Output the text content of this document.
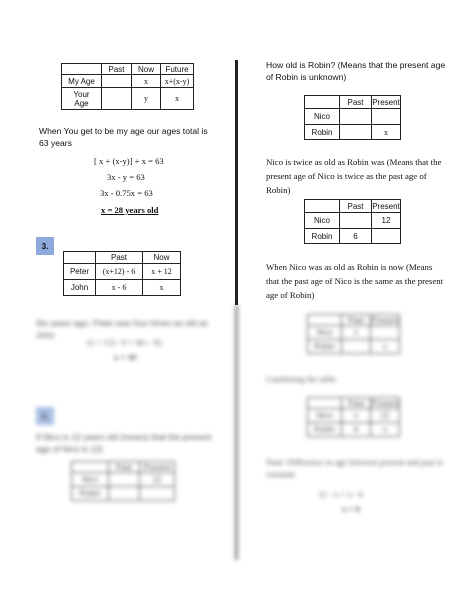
	Past	Now	Future
My Age		x	x+(x-y)
Your Age		y	x
When You get to be my age our ages total is 63 years
[ x + (x-y)] + x = 63
3x - y = 63
3x - 0.75x = 63
x = 28 years old
3.
	Past	Now
Peter	(x+12) - 6	x + 12
John	x - 6	x
Six years ago, Peter was four times as old as John
(x + 12) - 6 = 4(x - 6)
x = 10
4.
If Nico is 12 years old (means that the present age of Nico is 12)
	Past	Present
Nico		12
Robin		
How old is Robin? (Means that the present age of Robin is unknown)
	Past	Present
Nico		
Robin		x
Nico is twice as old as Robin was (Means that the present age of Nico is twice as the past age of Robin)
	Past	Present
Nico		12
Robin	6	
When Nico was as old as Robin is now (Means that the past age of Nico is the same as the present age of Robin)
	Past	Present
Nico	x	
Robin		x
Combining the table
	Past	Present
Nico	x	12
Robin	6	x
Note: Difference in age between present and past is constant
12 - x = x - 6
x = 9
